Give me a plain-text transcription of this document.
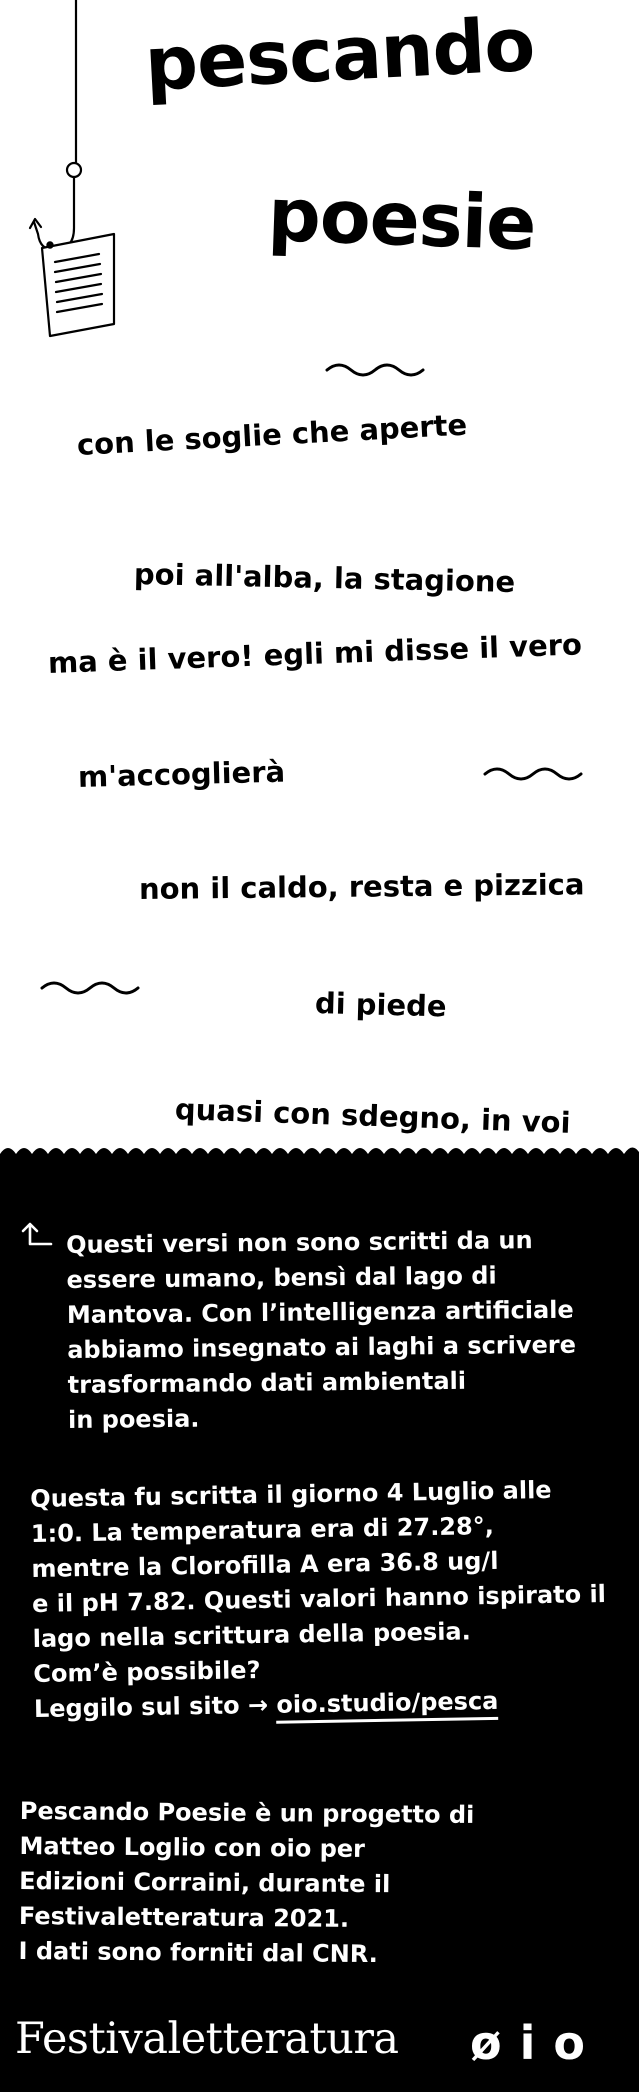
pescando
poesie

con le soglie che aperte

poi all'alba, la stagione

ma è il vero! egli mi disse il vero

m'accoglierà

non il caldo, resta e pizzica

di piede

quasi con sdegno, in voi

Questi versi non sono scritti da un
essere umano, bensì dal lago di
Mantova. Con l’intelligenza artificiale
abbiamo insegnato ai laghi a scrivere
trasformando dati ambientali
in poesia.

Questa fu scritta il giorno 4 Luglio alle
1:0. La temperatura era di 27.28°,
mentre la Clorofilla A era 36.8 ug/l
e il pH 7.82. Questi valori hanno ispirato il
lago nella scrittura della poesia.
Com’è possibile?

Leggilo sul sito → oio.studio/pesca

Pescando Poesie è un progetto di
Matteo Loglio con oio per
Edizioni Corraini, durante il
Festivaletteratura 2021.
I dati sono forniti dal CNR.

Festivaletteratura øio
